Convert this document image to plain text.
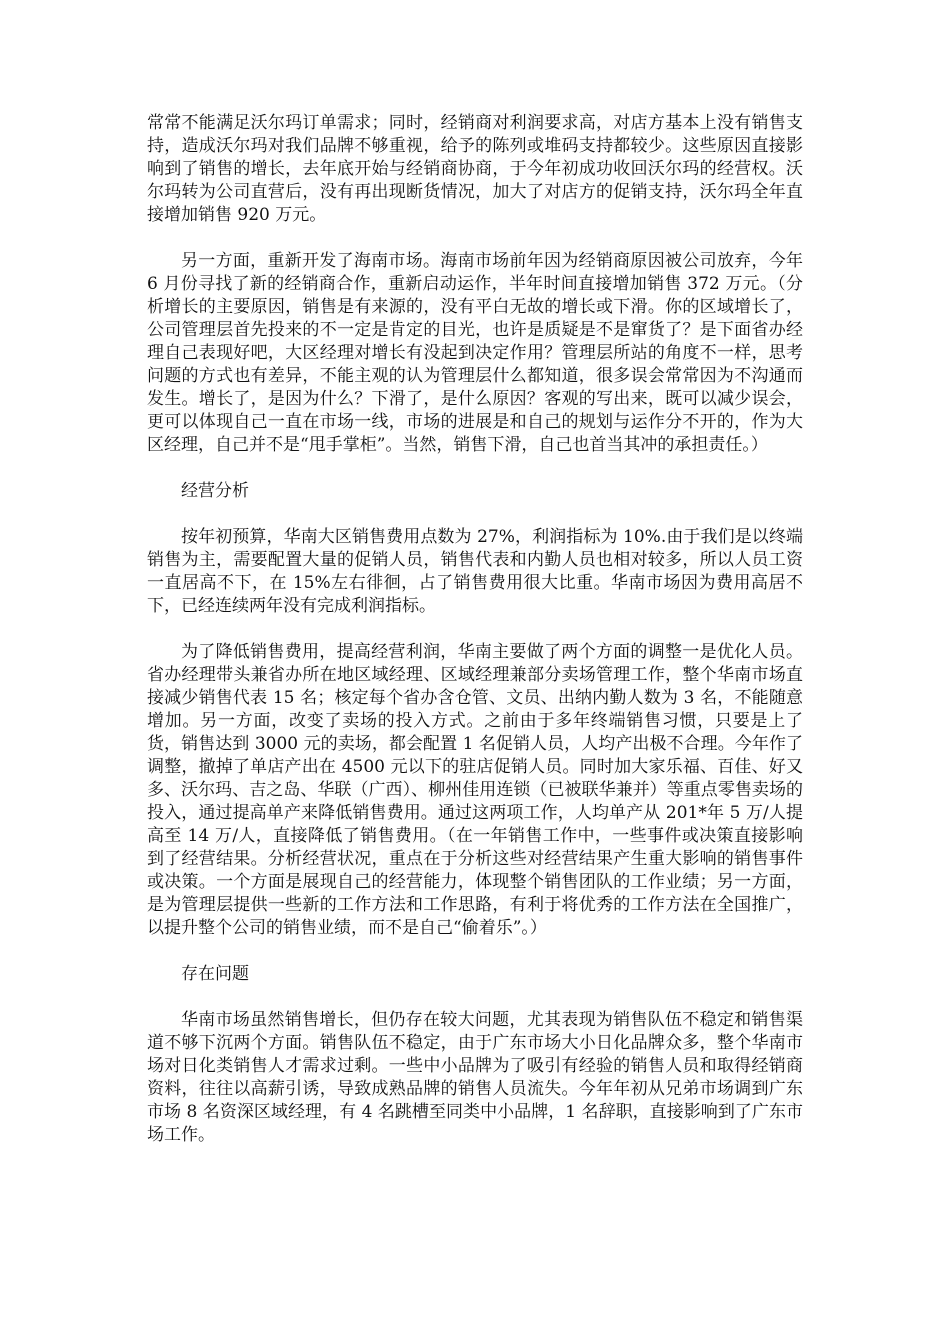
常常不能满足沃尔玛订单需求；同时，经销商对利润要求高，对店方基本上没有销售支持，造成沃尔玛对我们品牌不够重视，给予的陈列或堆码支持都较少。这些原因直接影响到了销售的增长，去年底开始与经销商协商，于今年初成功收回沃尔玛的经营权。沃尔玛转为公司直营后，没有再出现断货情况，加大了对店方的促销支持，沃尔玛全年直接增加销售 920 万元。

另一方面，重新开发了海南市场。海南市场前年因为经销商原因被公司放弃，今年 6 月份寻找了新的经销商合作，重新启动运作，半年时间直接增加销售 372 万元。（分析增长的主要原因，销售是有来源的，没有平白无故的增长或下滑。你的区域增长了，公司管理层首先投来的不一定是肯定的目光，也许是质疑是不是窜货了？是下面省办经理自己表现好吧，大区经理对增长有没起到决定作用？管理层所站的角度不一样，思考问题的方式也有差异，不能主观的认为管理层什么都知道，很多误会常常因为不沟通而发生。增长了，是因为什么？下滑了，是什么原因？客观的写出来，既可以减少误会，更可以体现自己一直在市场一线，市场的进展是和自己的规划与运作分不开的，作为大区经理，自己并不是“甩手掌柜”。当然，销售下滑，自己也首当其冲的承担责任。）

经营分析

按年初预算，华南大区销售费用点数为 27%，利润指标为 10%.由于我们是以终端销售为主，需要配置大量的促销人员，销售代表和内勤人员也相对较多，所以人员工资一直居高不下，在 15%左右徘徊，占了销售费用很大比重。华南市场因为费用高居不下，已经连续两年没有完成利润指标。

为了降低销售费用，提高经营利润，华南主要做了两个方面的调整一是优化人员。省办经理带头兼省办所在地区域经理、区域经理兼部分卖场管理工作，整个华南市场直接减少销售代表 15 名；核定每个省办含仓管、文员、出纳内勤人数为 3 名，不能随意增加。另一方面，改变了卖场的投入方式。之前由于多年终端销售习惯，只要是上了货，销售达到 3000 元的卖场，都会配置 1 名促销人员，人均产出极不合理。今年作了调整，撤掉了单店产出在 4500 元以下的驻店促销人员。同时加大家乐福、百佳、好又多、沃尔玛、吉之岛、华联（广西）、柳州佳用连锁（已被联华兼并）等重点零售卖场的投入，通过提高单产来降低销售费用。通过这两项工作，人均单产从 201*年 5 万/人提高至 14 万/人，直接降低了销售费用。（在一年销售工作中，一些事件或决策直接影响到了经营结果。分析经营状况，重点在于分析这些对经营结果产生重大影响的销售事件或决策。一个方面是展现自己的经营能力，体现整个销售团队的工作业绩；另一方面，是为管理层提供一些新的工作方法和工作思路，有利于将优秀的工作方法在全国推广，以提升整个公司的销售业绩，而不是自己“偷着乐”。）

存在问题

华南市场虽然销售增长，但仍存在较大问题，尤其表现为销售队伍不稳定和销售渠道不够下沉两个方面。销售队伍不稳定，由于广东市场大小日化品牌众多，整个华南市场对日化类销售人才需求过剩。一些中小品牌为了吸引有经验的销售人员和取得经销商资料，往往以高薪引诱，导致成熟品牌的销售人员流失。今年年初从兄弟市场调到广东市场 8 名资深区域经理，有 4 名跳槽至同类中小品牌，1 名辞职，直接影响到了广东市场工作。
